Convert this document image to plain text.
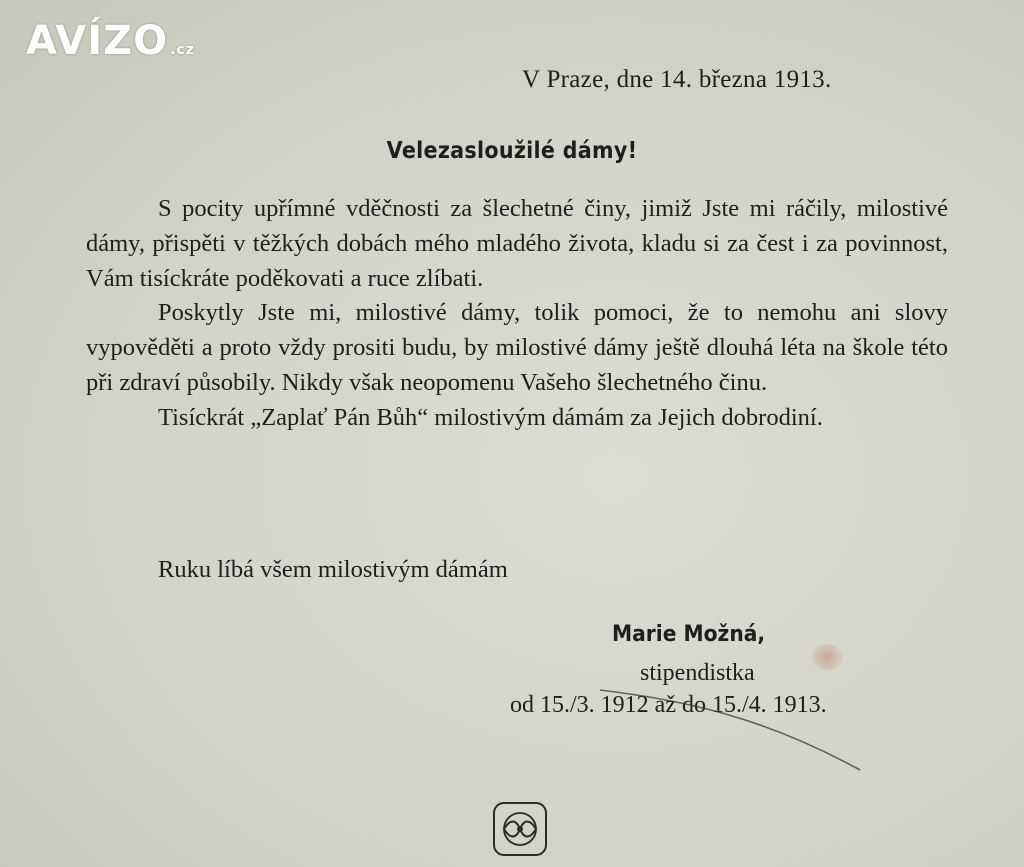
AVÍZO .cz
V Praze, dne 14. března 1913.
Velezasloužilé dámy!

S pocity upřímné vděčnosti za šlechetné činy, jimiž Jste mi ráčily, milostivé dámy, přispěti v těžkých dobách mého mladého života, kladu si za čest i za povinnost, Vám tisíckráte poděkovati a ruce zlíbati.

Poskytly Jste mi, milostivé dámy, tolik pomoci, že to nemohu ani slovy vypověděti a proto vždy prositi budu, by milostivé dámy ještě dlouhá léta na škole této při zdraví působily. Nikdy však neopomenu Vašeho šlechetného činu.

Tisíckrát „Zaplať Pán Bůh“ milostivým dámám za Jejich dobrodiní.

Ruku líbá všem milostivým dámám
Marie Možná,
stipendistka
od 15./3. 1912 až do 15./4. 1913.
